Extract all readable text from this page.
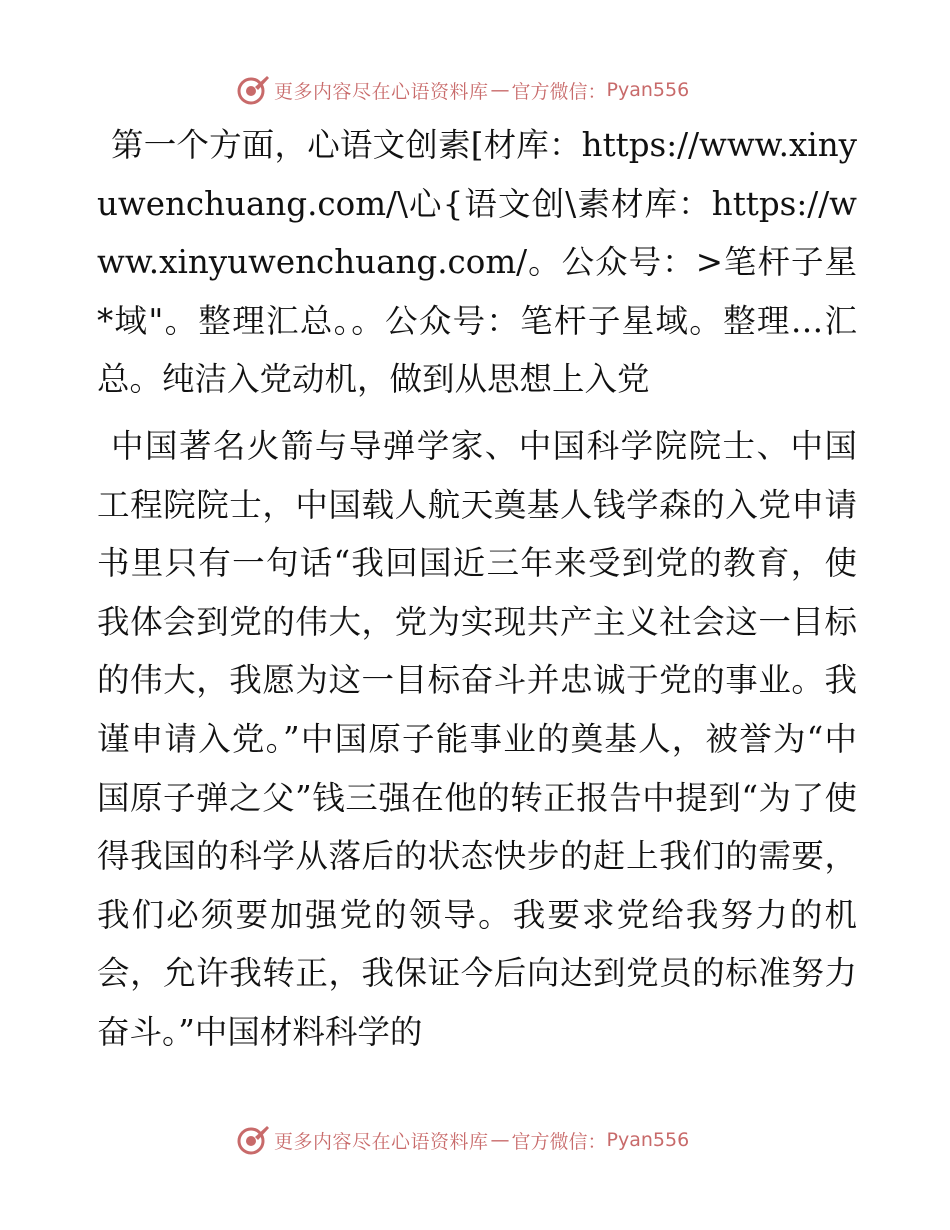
更多内容尽在心语资料库 — 官方微信： Pyan556

第一个方面，心语文创素[材库：https://www.xinyuwenchuang.com/\心{语文创\素材库：https://www.xinyuwenchuang.com/。公众号：>笔杆子星*域"。整理汇总。。公众号：笔杆子星域。整理…汇总。纯洁入党动机，做到从思想上入党

中国著名火箭与导弹学家、中国科学院院士、中国工程院院士，中国载人航天奠基人钱学森的入党申请书里只有一句话“我回国近三年来受到党的教育，使我体会到党的伟大，党为实现共产主义社会这一目标的伟大，我愿为这一目标奋斗并忠诚于党的事业。我谨申请入党。”中国原子能事业的奠基人，被誉为“中国原子弹之父”钱三强在他的转正报告中提到“为了使得我国的科学从落后的状态快步的赶上我们的需要，我们必须要加强党的领导。我要求党给我努力的机会，允许我转正，我保证今后向达到党员的标准努力奋斗。”中国材料科学的

更多内容尽在心语资料库 — 官方微信： Pyan556
